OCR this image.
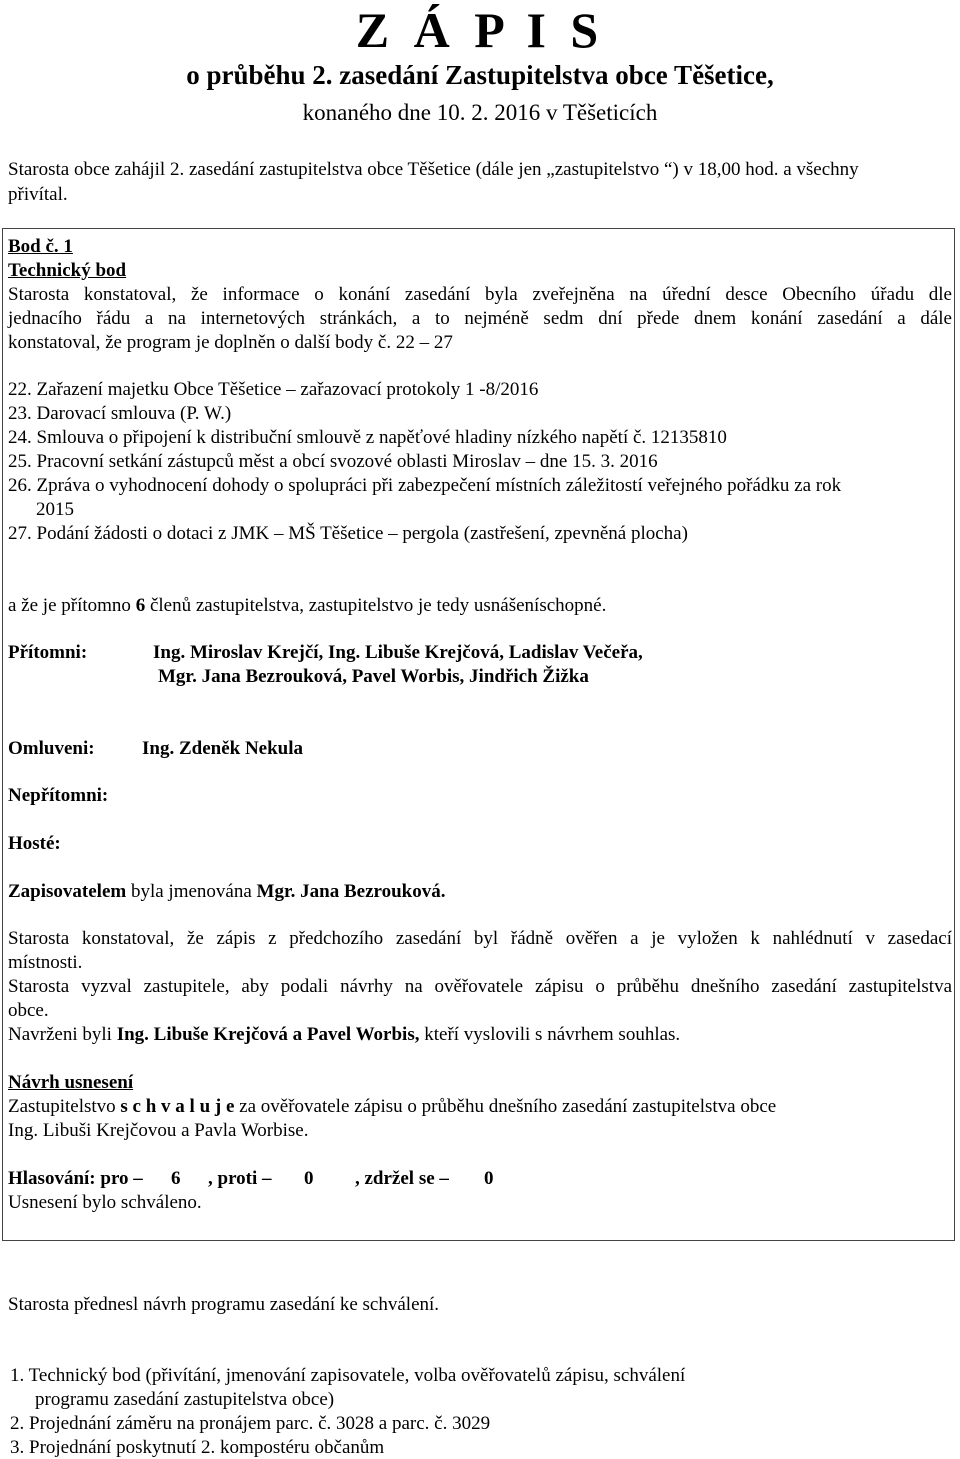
Z Á P I S
o průběhu 2. zasedání Zastupitelstva obce Těšetice,
konaného dne 10. 2. 2016 v Těšeticích
Starosta obce zahájil 2. zasedání zastupitelstva obce Těšetice (dále jen „zastupitelstvo “) v 18,00 hod. a všechny
přivítal.
Bod č. 1
Technický bod
Starosta konstatoval, že informace o konání zasedání byla zveřejněna na úřední desce Obecního úřadu dle
jednacího řádu a na internetových stránkách, a to nejméně sedm dní přede dnem konání zasedání a dále
konstatoval, že program je doplněn o další body č. 22 – 27
22. Zařazení majetku Obce Těšetice – zařazovací protokoly 1 -8/2016
23. Darovací smlouva (P. W.)
24. Smlouva o připojení k distribuční smlouvě z napěťové hladiny nízkého napětí č. 12135810
25. Pracovní setkání zástupců měst a obcí svozové oblasti Miroslav – dne 15. 3. 2016
26. Zpráva o vyhodnocení dohody o spolupráci při zabezpečení místních záležitostí veřejného pořádku za rok
2015
27. Podání žádosti o dotaci z JMK – MŠ Těšetice – pergola (zastřešení, zpevněná plocha)
a že je přítomno 6 členů zastupitelstva, zastupitelstvo je tedy usnášeníschopné.
Přítomni:	Ing. Miroslav Krejčí, Ing. Libuše Krejčová, Ladislav Večeřa,
Mgr. Jana Bezrouková, Pavel Worbis, Jindřich Žižka
Omluveni: Ing. Zdeněk Nekula
Nepřítomni:
Hosté:
Zapisovatelem byla jmenována Mgr. Jana Bezrouková.
Starosta konstatoval, že zápis z předchozího zasedání byl řádně ověřen a je vyložen k nahlédnutí v zasedací
místnosti.
Starosta vyzval zastupitele, aby podali návrhy na ověřovatele zápisu o průběhu dnešního zasedání zastupitelstva
obce.
Navrženi byli Ing. Libuše Krejčová a Pavel Worbis, kteří vyslovili s návrhem souhlas.
Návrh usnesení
Zastupitelstvo s c h v a l u j e za ověřovatele zápisu o průběhu dnešního zasedání zastupitelstva obce
Ing. Libuši Krejčovou a Pavla Worbise.
Hlasování: pro – 6 , proti – 0 , zdržel se – 0
Usnesení bylo schváleno.
Starosta přednesl návrh programu zasedání ke schválení.
1. Technický bod (přivítání, jmenování zapisovatele, volba ověřovatelů zápisu, schválení
programu zasedání zastupitelstva obce)
2. Projednání záměru na pronájem parc. č. 3028 a parc. č. 3029
3. Projednání poskytnutí 2. kompostéru občanům
